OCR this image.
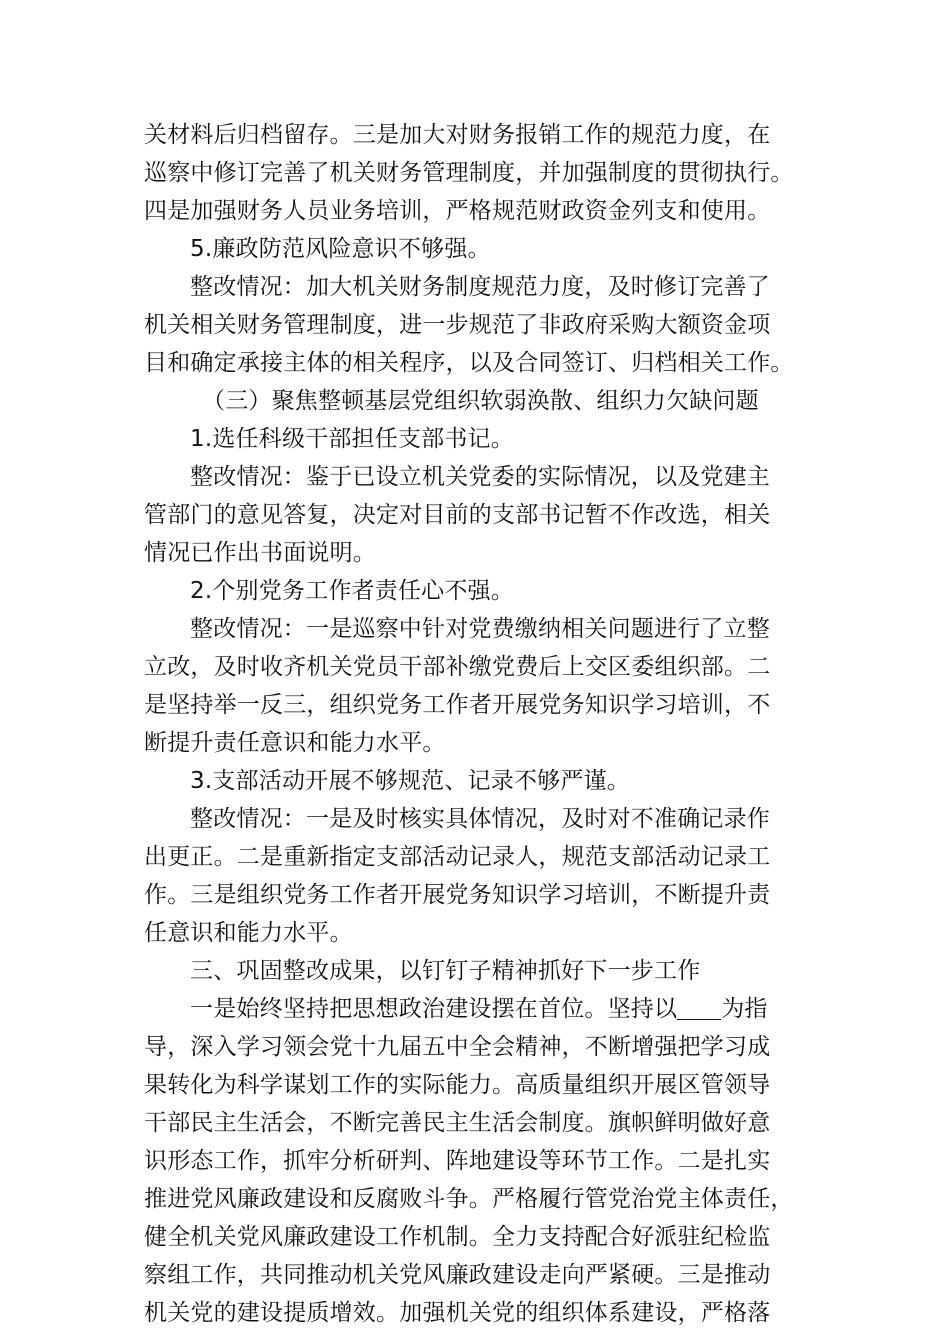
关材料后归档留存。三是加大对财务报销工作的规范力度，在
巡察中修订完善了机关财务管理制度，并加强制度的贯彻执行。
四是加强财务人员业务培训，严格规范财政资金列支和使用。
5.廉政防范风险意识不够强。
整改情况：加大机关财务制度规范力度，及时修订完善了
机关相关财务管理制度，进一步规范了非政府采购大额资金项
目和确定承接主体的相关程序，以及合同签订、归档相关工作。
（三）聚焦整顿基层党组织软弱涣散、组织力欠缺问题
1.选任科级干部担任支部书记。
整改情况：鉴于已设立机关党委的实际情况，以及党建主
管部门的意见答复，决定对目前的支部书记暂不作改选，相关
情况已作出书面说明。
2.个别党务工作者责任心不强。
整改情况：一是巡察中针对党费缴纳相关问题进行了立整
立改，及时收齐机关党员干部补缴党费后上交区委组织部。二
是坚持举一反三，组织党务工作者开展党务知识学习培训，不
断提升责任意识和能力水平。
3.支部活动开展不够规范、记录不够严谨。
整改情况：一是及时核实具体情况，及时对不准确记录作
出更正。二是重新指定支部活动记录人，规范支部活动记录工
作。三是组织党务工作者开展党务知识学习培训，不断提升责
任意识和能力水平。
三、巩固整改成果，以钉钉子精神抓好下一步工作
一是始终坚持把思想政治建设摆在首位。坚持以 为指
导，深入学习领会党十九届五中全会精神，不断增强把学习成
果转化为科学谋划工作的实际能力。高质量组织开展区管领导
干部民主生活会，不断完善民主生活会制度。旗帜鲜明做好意
识形态工作，抓牢分析研判、阵地建设等环节工作。二是扎实
推进党风廉政建设和反腐败斗争。严格履行管党治党主体责任，
健全机关党风廉政建设工作机制。全力支持配合好派驻纪检监
察组工作，共同推动机关党风廉政建设走向严紧硬。三是推动
机关党的建设提质增效。加强机关党的组织体系建设，严格落
